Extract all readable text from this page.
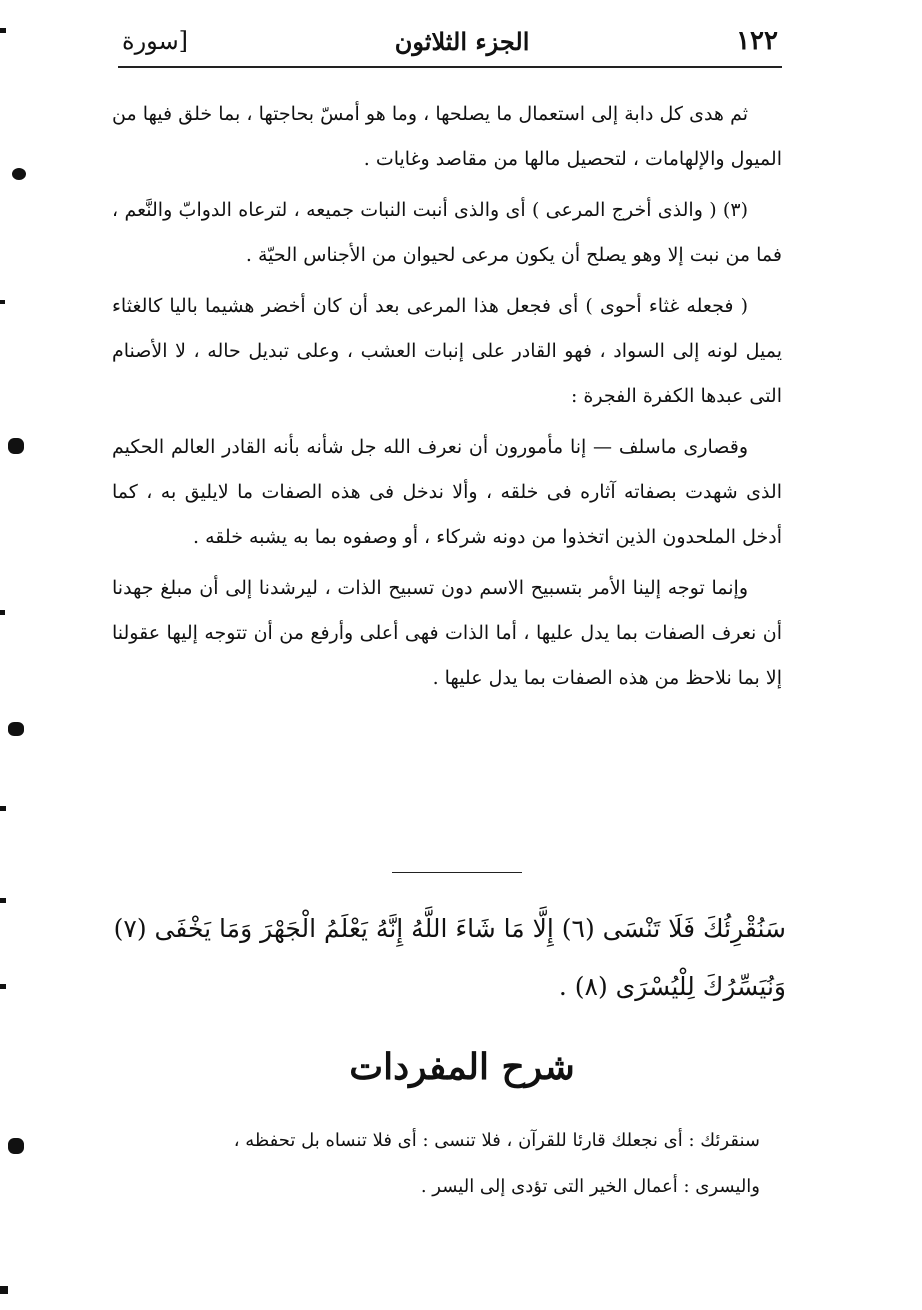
١٢٢
الجزء الثلاثون
[سورة

ثم هدى كل دابة إلى استعمال ما يصلحها ، وما هو أمسّ بحاجتها ، بما خلق فيها من الميول والإلهامات ، لتحصيل مالها من مقاصد وغايات .

(٣) ( والذى أخرج المرعى ) أى والذى أنبت النبات جميعه ، لترعاه الدوابّ والنَّعم ، فما من نبت إلا وهو يصلح أن يكون مرعى لحيوان من الأجناس الحيّة .

( فجعله غثاء أحوى ) أى فجعل هذا المرعى بعد أن كان أخضر هشيما باليا كالغثاء يميل لونه إلى السواد ، فهو القادر على إنبات العشب ، وعلى تبديل حاله ، لا الأصنام التى عبدها الكفرة الفجرة :

وقصارى ماسلف — إنا مأمورون أن نعرف الله جل شأنه بأنه القادر العالم الحكيم الذى شهدت بصفاته آثاره فى خلقه ، وألا ندخل فى هذه الصفات ما لايليق به ، كما أدخل الملحدون الذين اتخذوا من دونه شركاء ، أو وصفوه بما به يشبه خلقه .

وإنما توجه إلينا الأمر بتسبيح الاسم دون تسبيح الذات ، ليرشدنا إلى أن مبلغ جهدنا أن نعرف الصفات بما يدل عليها ، أما الذات فهى أعلى وأرفع من أن تتوجه إليها عقولنا إلا بما نلاحظ من هذه الصفات بما يدل عليها .

سَنُقْرِئُكَ فَلَا تَنْسَى (٦) إِلَّا مَا شَاءَ اللَّهُ إِنَّهُ يَعْلَمُ الْجَهْرَ وَمَا يَخْفَى (٧)

وَنُيَسِّرُكَ لِلْيُسْرَى (٨) .

شرح المفردات

سنقرئك : أى نجعلك قارئا للقرآن ، فلا تنسى : أى فلا تنساه بل تحفظه ،

واليسرى : أعمال الخير التى تؤدى إلى اليسر .
